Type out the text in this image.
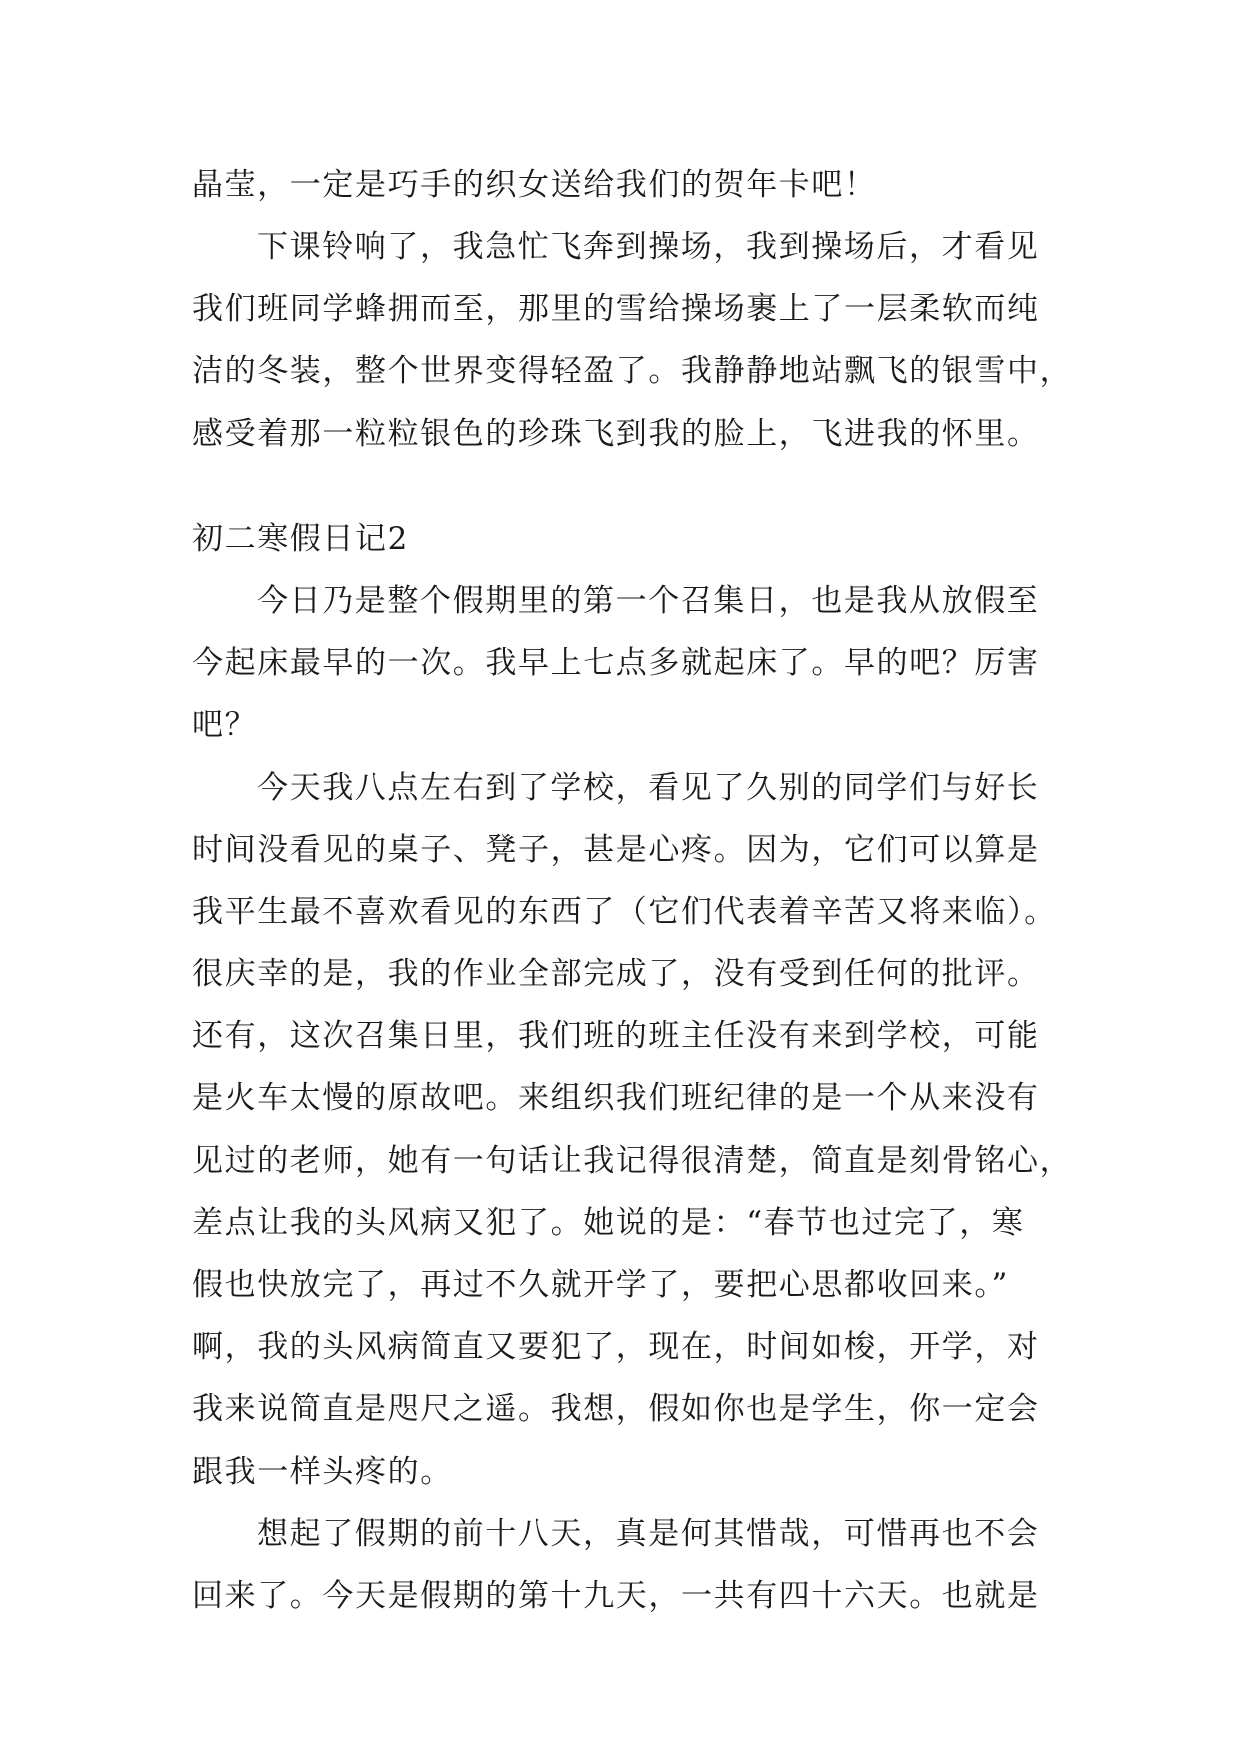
晶莹，一定是巧手的织女送给我们的贺年卡吧！
下课铃响了，我急忙飞奔到操场，我到操场后，才看见
我们班同学蜂拥而至，那里的雪给操场裹上了一层柔软而纯
洁的冬装，整个世界变得轻盈了。我静静地站飘飞的银雪中，
感受着那一粒粒银色的珍珠飞到我的脸上，飞进我的怀里。
初二寒假日记2
今日乃是整个假期里的第一个召集日，也是我从放假至
今起床最早的一次。我早上七点多就起床了。早的吧？厉害
吧？
今天我八点左右到了学校，看见了久别的同学们与好长
时间没看见的桌子、凳子，甚是心疼。因为，它们可以算是
我平生最不喜欢看见的东西了（它们代表着辛苦又将来临）。
很庆幸的是，我的作业全部完成了，没有受到任何的批评。
还有，这次召集日里，我们班的班主任没有来到学校，可能
是火车太慢的原故吧。来组织我们班纪律的是一个从来没有
见过的老师，她有一句话让我记得很清楚，简直是刻骨铭心，
差点让我的头风病又犯了。她说的是：“春节也过完了，寒
假也快放完了，再过不久就开学了，要把心思都收回来。”
啊，我的头风病简直又要犯了，现在，时间如梭，开学，对
我来说简直是咫尺之遥。我想，假如你也是学生，你一定会
跟我一样头疼的。
想起了假期的前十八天，真是何其惜哉，可惜再也不会
回来了。今天是假期的第十九天，一共有四十六天。也就是
